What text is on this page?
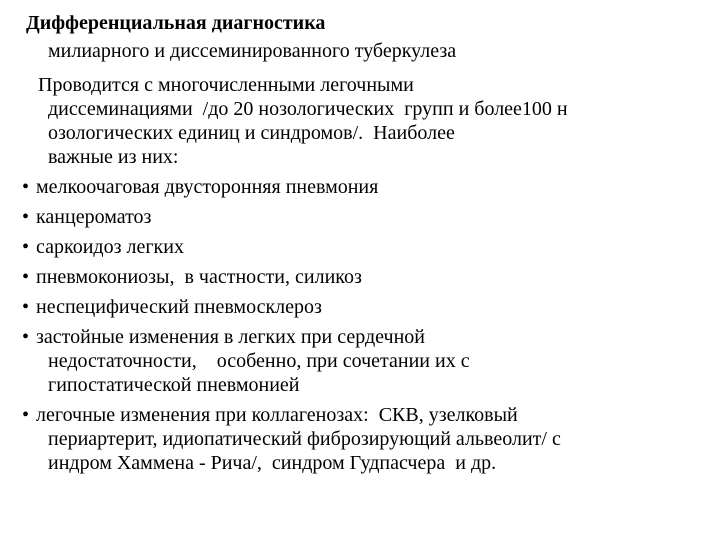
Дифференциальная диагностика
милиарного и диссеминированного туберкулеза
Проводится с многочисленными легочными
диссеминациями  /до 20 нозологических  групп и более100 н
озологических единиц и синдромов/.  Наиболее
важные из них:
• мелкоочаговая двусторонняя пневмония
• канцероматоз
• саркоидоз легких
• пневмокониозы,  в частности, силикоз
• неспецифический пневмосклероз
• застойные изменения в легких при сердечной
недостаточности,    особенно, при сочетании их с
гипостатической пневмонией
• легочные изменения при коллагенозах:  СКВ, узелковый
периартерит, идиопатический фиброзирующий альвеолит/ с
индром Хаммена - Рича/,  синдром Гудпасчера  и др.
